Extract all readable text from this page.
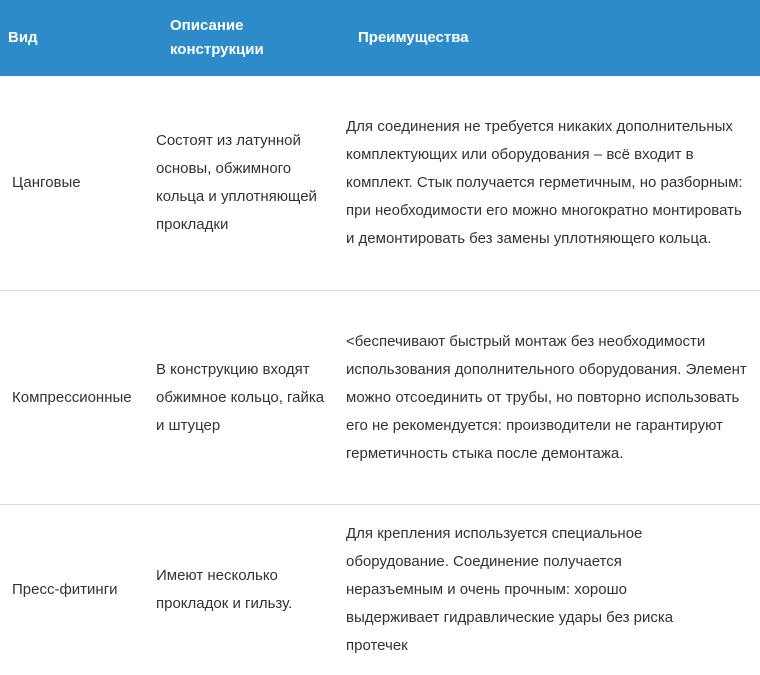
Вид
Описание конструкции
Преимущества
Цанговые
Состоят из латунной основы, обжимного кольца и уплотняющей прокладки
Для соединения не требуется никаких дополнительных комплектующих или оборудования – всё входит в комплект. Стык получается герметичным, но разборным: при необходимости его можно многократно монтировать и демонтировать без замены уплотняющего кольца.
Компрессионные
В конструкцию входят обжимное кольцо, гайка и штуцер
<беспечивают быстрый монтаж без необходимости использования дополнительного оборудования. Элемент можно отсоединить от трубы, но повторно использовать его не рекомендуется: производители не гарантируют герметичность стыка после демонтажа.
Пресс-фитинги
Имеют несколько прокладок и гильзу.
Для крепления используется специальное оборудование. Соединение получается неразъемным и очень прочным: хорошо выдерживает гидравлические удары без риска протечек
